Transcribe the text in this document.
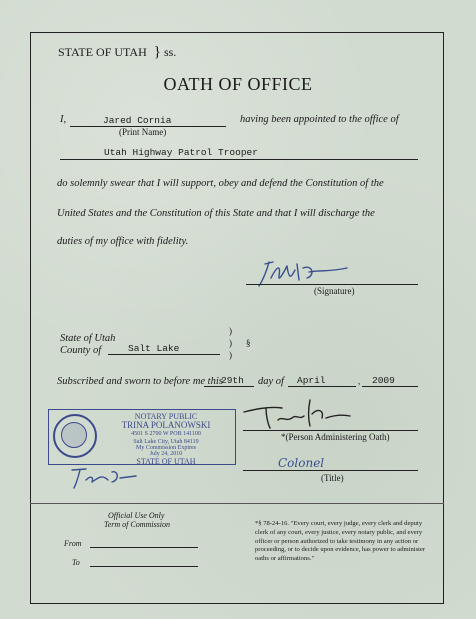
STATE OF UTAH } ss.
OATH OF OFFICE
I,	Jared Cornia
(Print Name)
having been appointed to the office of
Utah Highway Patrol Trooper
do solemnly swear that I will support, obey and defend the Constitution of the
United States and the Constitution of this State and that I will discharge the
duties of my office with fidelity.
(Signature)
State of Utah
County of	Salt Lake
)
)
)
§
Subscribed and sworn to before me this
29th day of April	, 2009
NOTARY PUBLIC
TRINA POLANOWSKI
4501 S 2700 W POB 141100
Salt Lake City, Utah 84119
My Commission Expires
July 24, 2010
STATE OF UTAH
*(Person Administering Oath)
Colonel
(Title)
Official Use Only
Term of Commission
From
To
*§ 78-24-16. "Every court, every judge, every clerk and deputy clerk of any court, every justice, every notary public, and every officer or person authorized to take testimony in any action or proceeding, or to decide upon evidence, has power to administer oaths or affirmations."
